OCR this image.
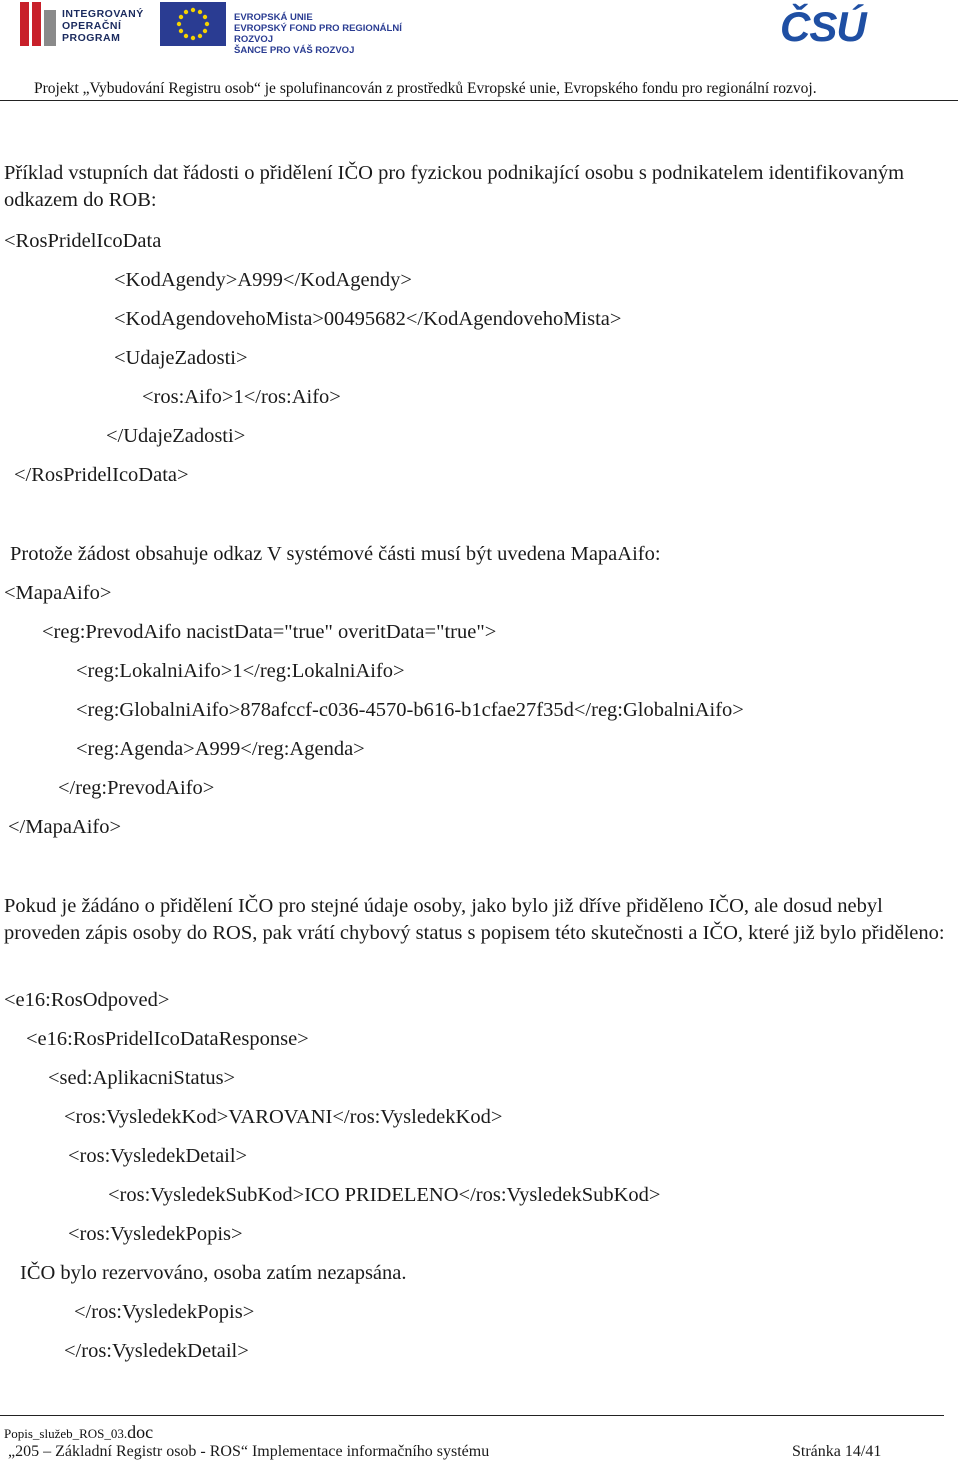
INTEGROVANÝ
OPERAČNÍ
PROGRAM
EVROPSKÁ UNIE
EVROPSKÝ FOND PRO REGIONÁLNÍ ROZVOJ
ŠANCE PRO VÁŠ ROZVOJ
ČSÚ
Projekt „Vybudování Registru osob“ je spolufinancován z prostředků Evropské unie, Evropského fondu pro regionální rozvoj.
Příklad vstupních dat řádosti o přidělení IČO pro fyzickou podnikající osobu s podnikatelem identifikovaným odkazem do ROB:
<RosPridelIcoData
<KodAgendy>A999</KodAgendy>
<KodAgendovehoMista>00495682</KodAgendovehoMista>
<UdajeZadosti>
<ros:Aifo>1</ros:Aifo>
</UdajeZadosti>
</RosPridelIcoData>
Protože žádost obsahuje odkaz V systémové části musí být uvedena MapaAifo:
<MapaAifo>
<reg:PrevodAifo nacistData="true" overitData="true">
<reg:LokalniAifo>1</reg:LokalniAifo>
<reg:GlobalniAifo>878afccf-c036-4570-b616-b1cfae27f35d</reg:GlobalniAifo>
<reg:Agenda>A999</reg:Agenda>
</reg:PrevodAifo>
</MapaAifo>
Pokud je žádáno o přidělení IČO pro stejné údaje osoby, jako bylo již dříve přiděleno IČO, ale dosud nebyl proveden zápis osoby do ROS, pak vrátí chybový status s popisem této skutečnosti a IČO, které již bylo přiděleno:
<e16:RosOdpoved>
<e16:RosPridelIcoDataResponse>
<sed:AplikacniStatus>
<ros:VysledekKod>VAROVANI</ros:VysledekKod>
<ros:VysledekDetail>
<ros:VysledekSubKod>ICO PRIDELENO</ros:VysledekSubKod>
<ros:VysledekPopis>
IČO bylo rezervováno, osoba zatím nezapsána.
</ros:VysledekPopis>
</ros:VysledekDetail>
Popis_služeb_ROS_03.doc
„205 – Základní Registr osob - ROS“ Implementace informačního systému	Stránka 14/41
